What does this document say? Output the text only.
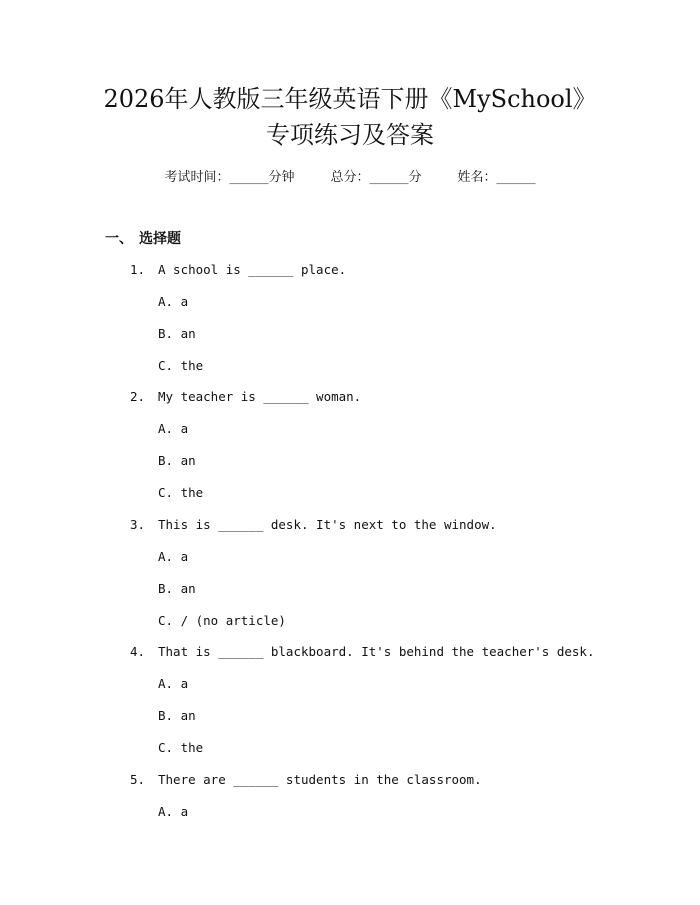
2026年人教版三年级英语下册《MySchool》
专项练习及答案
考试时间：______分钟	总分：______分	姓名：______
一、 选择题
1. A school is ______ place.
A. a
B. an
C. the
2. My teacher is ______ woman.
A. a
B. an
C. the
3. This is ______ desk. It's next to the window.
A. a
B. an
C. / (no article)
4. That is ______ blackboard. It's behind the teacher's desk.
A. a
B. an
C. the
5. There are ______ students in the classroom.
A. a
